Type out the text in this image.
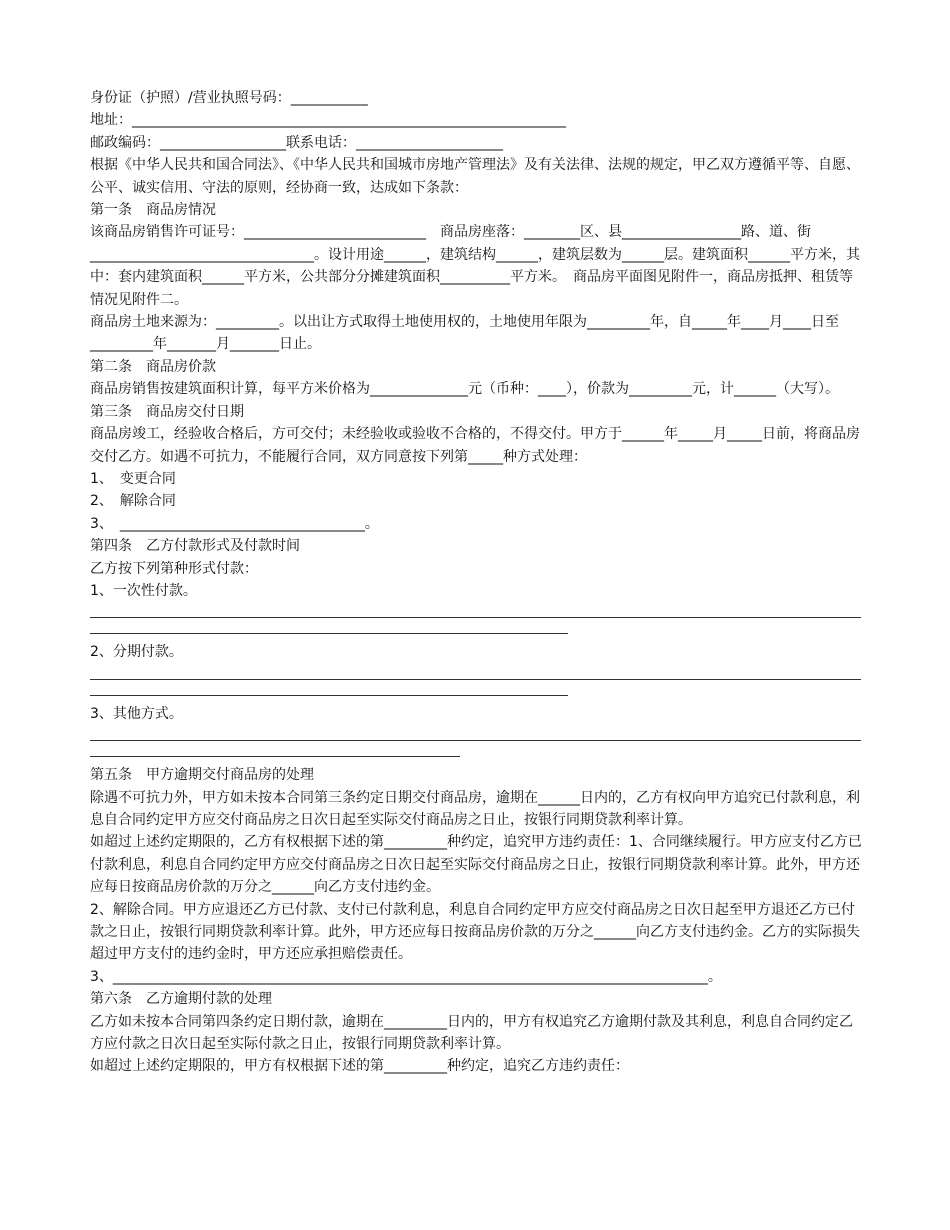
身份证（护照）/营业执照号码：___________

地址：______________________________________________________________

邮政编码：__________________联系电话：_____________________

根据《中华人民共和国合同法》、《中华人民共和国城市房地产管理法》及有关法律、法规的规定，甲乙双方遵循平等、自愿、公平、诚实信用、守法的原则，经协商一致，达成如下条款：

第一条　商品房情况

该商品房销售许可证号：__________________________　商品房座落：________区、县_________________路、道、街________________________________。设计用途______，建筑结构______，建筑层数为______层。建筑面积______平方米，其中：套内建筑面积______平方米，公共部分分摊建筑面积__________平方米。　商品房平面图见附件一，商品房抵押、租赁等情况见附件二。

商品房土地来源为：_________。以出让方式取得土地使用权的，土地使用年限为_________年，自_____年____月____日至_________年_______月_______日止。

第二条　商品房价款

商品房销售按建筑面积计算，每平方米价格为______________元（币种：____），价款为_________元，计______（大写）。

第三条　商品房交付日期

商品房竣工，经验收合格后，方可交付；未经验收或验收不合格的，不得交付。甲方于______年_____月_____日前，将商品房交付乙方。如遇不可抗力，不能履行合同，双方同意按下列第_____种方式处理：

1、　变更合同

2、　解除合同

3、　___________________________________。

第四条　乙方付款形式及付款时间

乙方按下列第种形式付款：

1、一次性付款。

2、分期付款。

3、其他方式。

第五条　甲方逾期交付商品房的处理

除遇不可抗力外，甲方如未按本合同第三条约定日期交付商品房，逾期在______日内的，乙方有权向甲方追究已付款利息，利息自合同约定甲方应交付商品房之日次日起至实际交付商品房之日止，按银行同期贷款利率计算。

如超过上述约定期限的，乙方有权根据下述的第_________种约定，追究甲方违约责任：1、合同继续履行。甲方应支付乙方已付款利息，利息自合同约定甲方应交付商品房之日次日起至实际交付商品房之日止，按银行同期贷款利率计算。此外，甲方还应每日按商品房价款的万分之______向乙方支付违约金。

2、解除合同。甲方应退还乙方已付款、支付已付款利息，利息自合同约定甲方应交付商品房之日次日起至甲方退还乙方已付款之日止，按银行同期贷款利率计算。此外，甲方还应每日按商品房价款的万分之______向乙方支付违约金。乙方的实际损失超过甲方支付的违约金时，甲方还应承担赔偿责任。

3、_____________________________________________________________________________________。

第六条　乙方逾期付款的处理

乙方如未按本合同第四条约定日期付款，逾期在_________日内的，甲方有权追究乙方逾期付款及其利息，利息自合同约定乙方应付款之日次日起至实际付款之日止，按银行同期贷款利率计算。

如超过上述约定期限的，甲方有权根据下述的第_________种约定，追究乙方违约责任：
